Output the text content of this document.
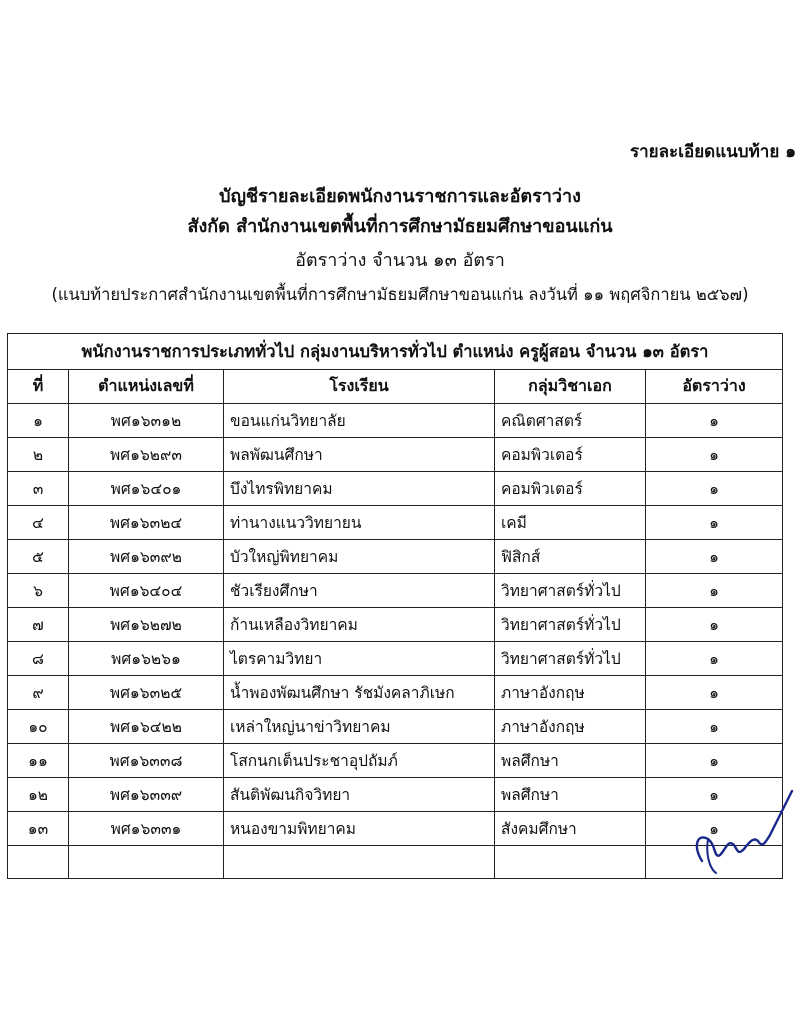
รายละเอียดแนบท้าย ๑
บัญชีรายละเอียดพนักงานราชการและอัตราว่าง
สังกัด สำนักงานเขตพื้นที่การศึกษามัธยมศึกษาขอนแก่น
อัตราว่าง จำนวน ๑๓ อัตรา
(แนบท้ายประกาศสำนักงานเขตพื้นที่การศึกษามัธยมศึกษาขอนแก่น ลงวันที่ ๑๑ พฤศจิกายน ๒๕๖๗)
พนักงานราชการประเภททั่วไป กลุ่มงานบริหารทั่วไป ตำแหน่ง ครูผู้สอน จำนวน ๑๓ อัตรา				
ที่	ตำแหน่งเลขที่	โรงเรียน	กลุ่มวิชาเอก	อัตราว่าง
๑	พศ๑๖๓๑๒	ขอนแก่นวิทยาลัย	คณิตศาสตร์	๑
๒	พศ๑๖๒๙๓	พลพัฒนศึกษา	คอมพิวเตอร์	๑
๓	พศ๑๖๔๐๑	บึงไทรพิทยาคม	คอมพิวเตอร์	๑
๔	พศ๑๖๓๒๔	ท่านางแนววิทยายน	เคมี	๑
๕	พศ๑๖๓๙๒	บัวใหญ่พิทยาคม	ฟิสิกส์	๑
๖	พศ๑๖๔๐๔	ชัวเรียงศึกษา	วิทยาศาสตร์ทั่วไป	๑
๗	พศ๑๖๒๗๒	ก้านเหลืองวิทยาคม	วิทยาศาสตร์ทั่วไป	๑
๘	พศ๑๖๒๖๑	ไตรคามวิทยา	วิทยาศาสตร์ทั่วไป	๑
๙	พศ๑๖๓๒๕	น้ำพองพัฒนศึกษา รัชมังคลาภิเษก	ภาษาอังกฤษ	๑
๑๐	พศ๑๖๔๒๒	เหล่าใหญ่นาข่าวิทยาคม	ภาษาอังกฤษ	๑
๑๑	พศ๑๖๓๓๘	โสกนกเต็นประชาอุปถัมภ์	พลศึกษา	๑
๑๒	พศ๑๖๓๓๙	สันติพัฒนกิจวิทยา	พลศึกษา	๑
๑๓	พศ๑๖๓๓๑	หนองขามพิทยาคม	สังคมศึกษา	๑
